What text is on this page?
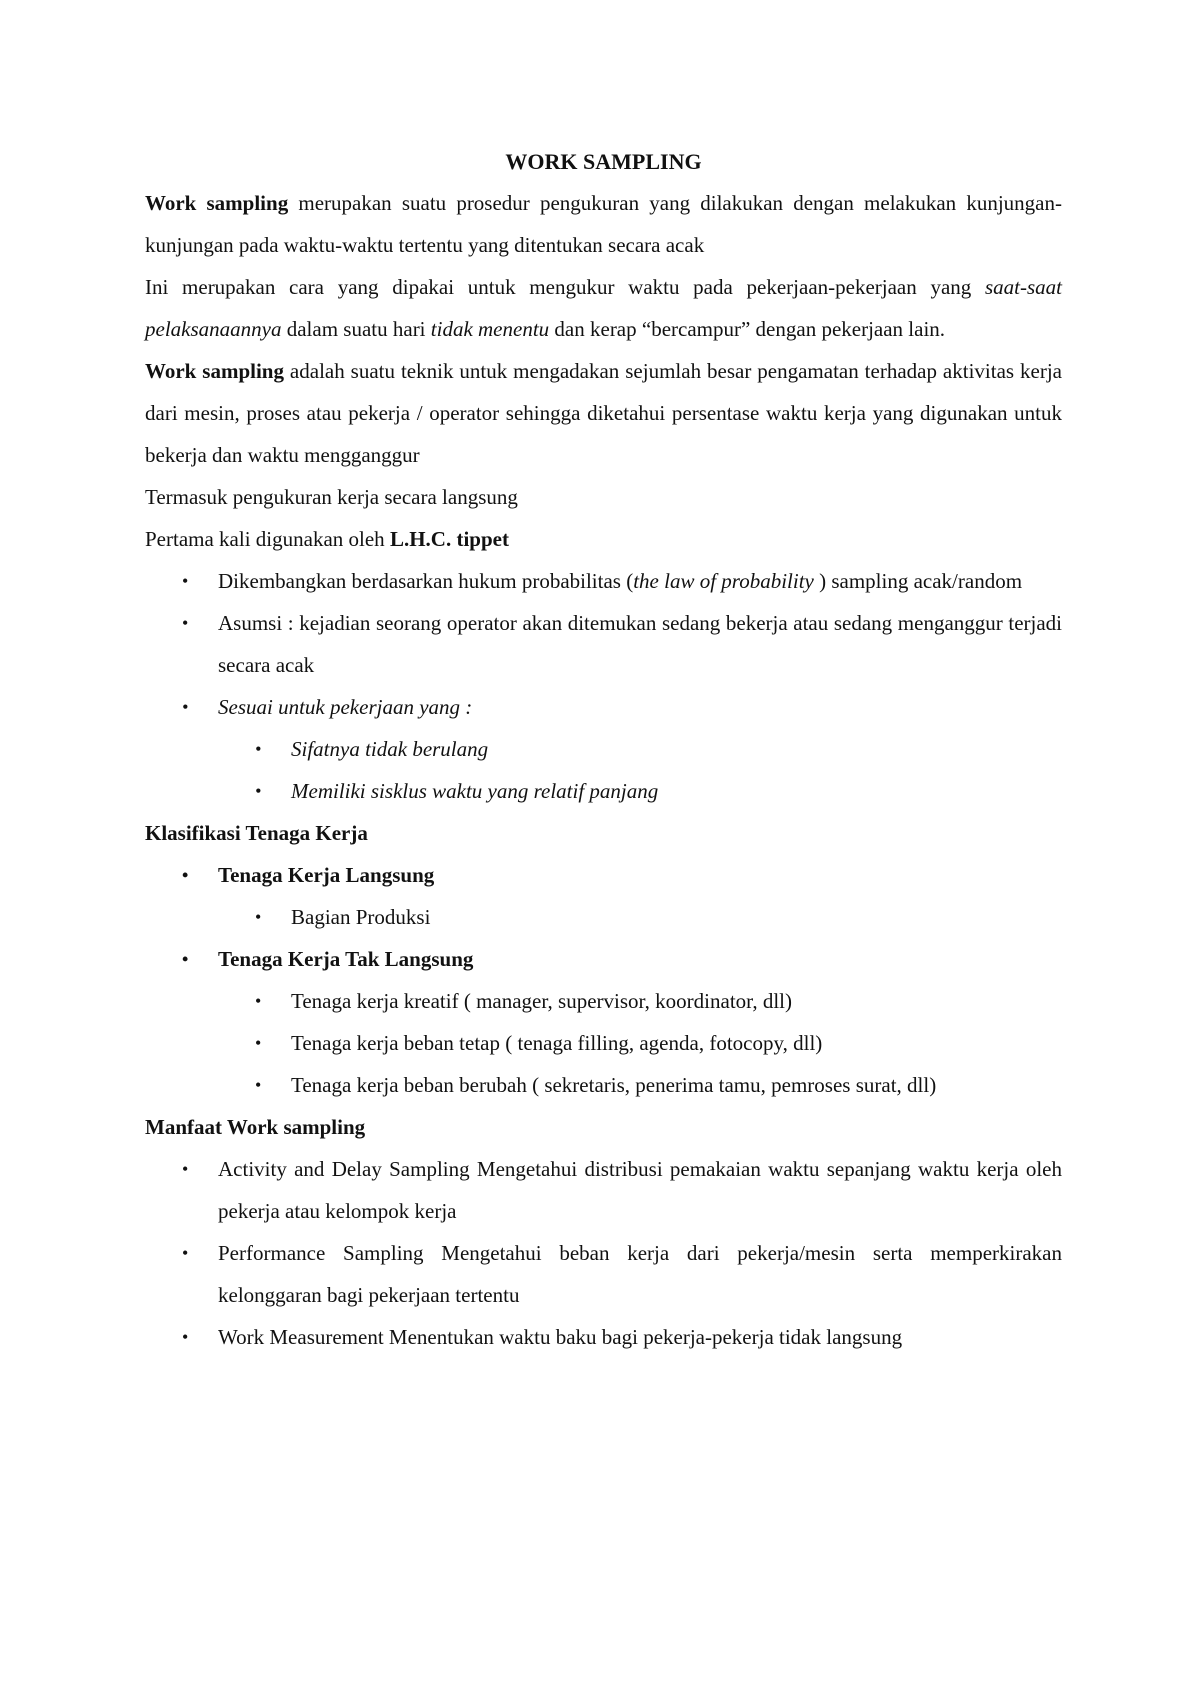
WORK SAMPLING

Work sampling merupakan suatu prosedur pengukuran yang dilakukan dengan melakukan kunjungan-kunjungan pada waktu-waktu tertentu yang ditentukan secara acak

Ini merupakan cara yang dipakai untuk mengukur waktu pada pekerjaan-pekerjaan yang saat-saat pelaksanaannya dalam suatu hari tidak menentu dan kerap “bercampur” dengan pekerjaan lain.

Work sampling adalah suatu teknik untuk mengadakan sejumlah besar pengamatan terhadap aktivitas kerja dari mesin, proses atau pekerja / operator sehingga diketahui persentase waktu kerja yang digunakan untuk bekerja dan waktu mengganggur

Termasuk pengukuran kerja secara langsung

Pertama kali digunakan oleh L.H.C. tippet

• Dikembangkan berdasarkan hukum probabilitas (the law of probability ) sampling acak/random
• Asumsi : kejadian seorang operator akan ditemukan sedang bekerja atau sedang menganggur terjadi secara acak
• Sesuai untuk pekerjaan yang :
• Sifatnya tidak berulang
• Memiliki sisklus waktu yang relatif panjang

Klasifikasi Tenaga Kerja

• Tenaga Kerja Langsung
• Bagian Produksi
• Tenaga Kerja Tak Langsung
• Tenaga kerja kreatif ( manager, supervisor, koordinator, dll)
• Tenaga kerja beban tetap ( tenaga filling, agenda, fotocopy, dll)
• Tenaga kerja beban berubah ( sekretaris, penerima tamu, pemroses surat, dll)

Manfaat Work sampling

• Activity and Delay Sampling Mengetahui distribusi pemakaian waktu sepanjang waktu kerja oleh pekerja atau kelompok kerja
• Performance Sampling Mengetahui beban kerja dari pekerja/mesin serta memperkirakan kelonggaran bagi pekerjaan tertentu
• Work Measurement Menentukan waktu baku bagi pekerja-pekerja tidak langsung
